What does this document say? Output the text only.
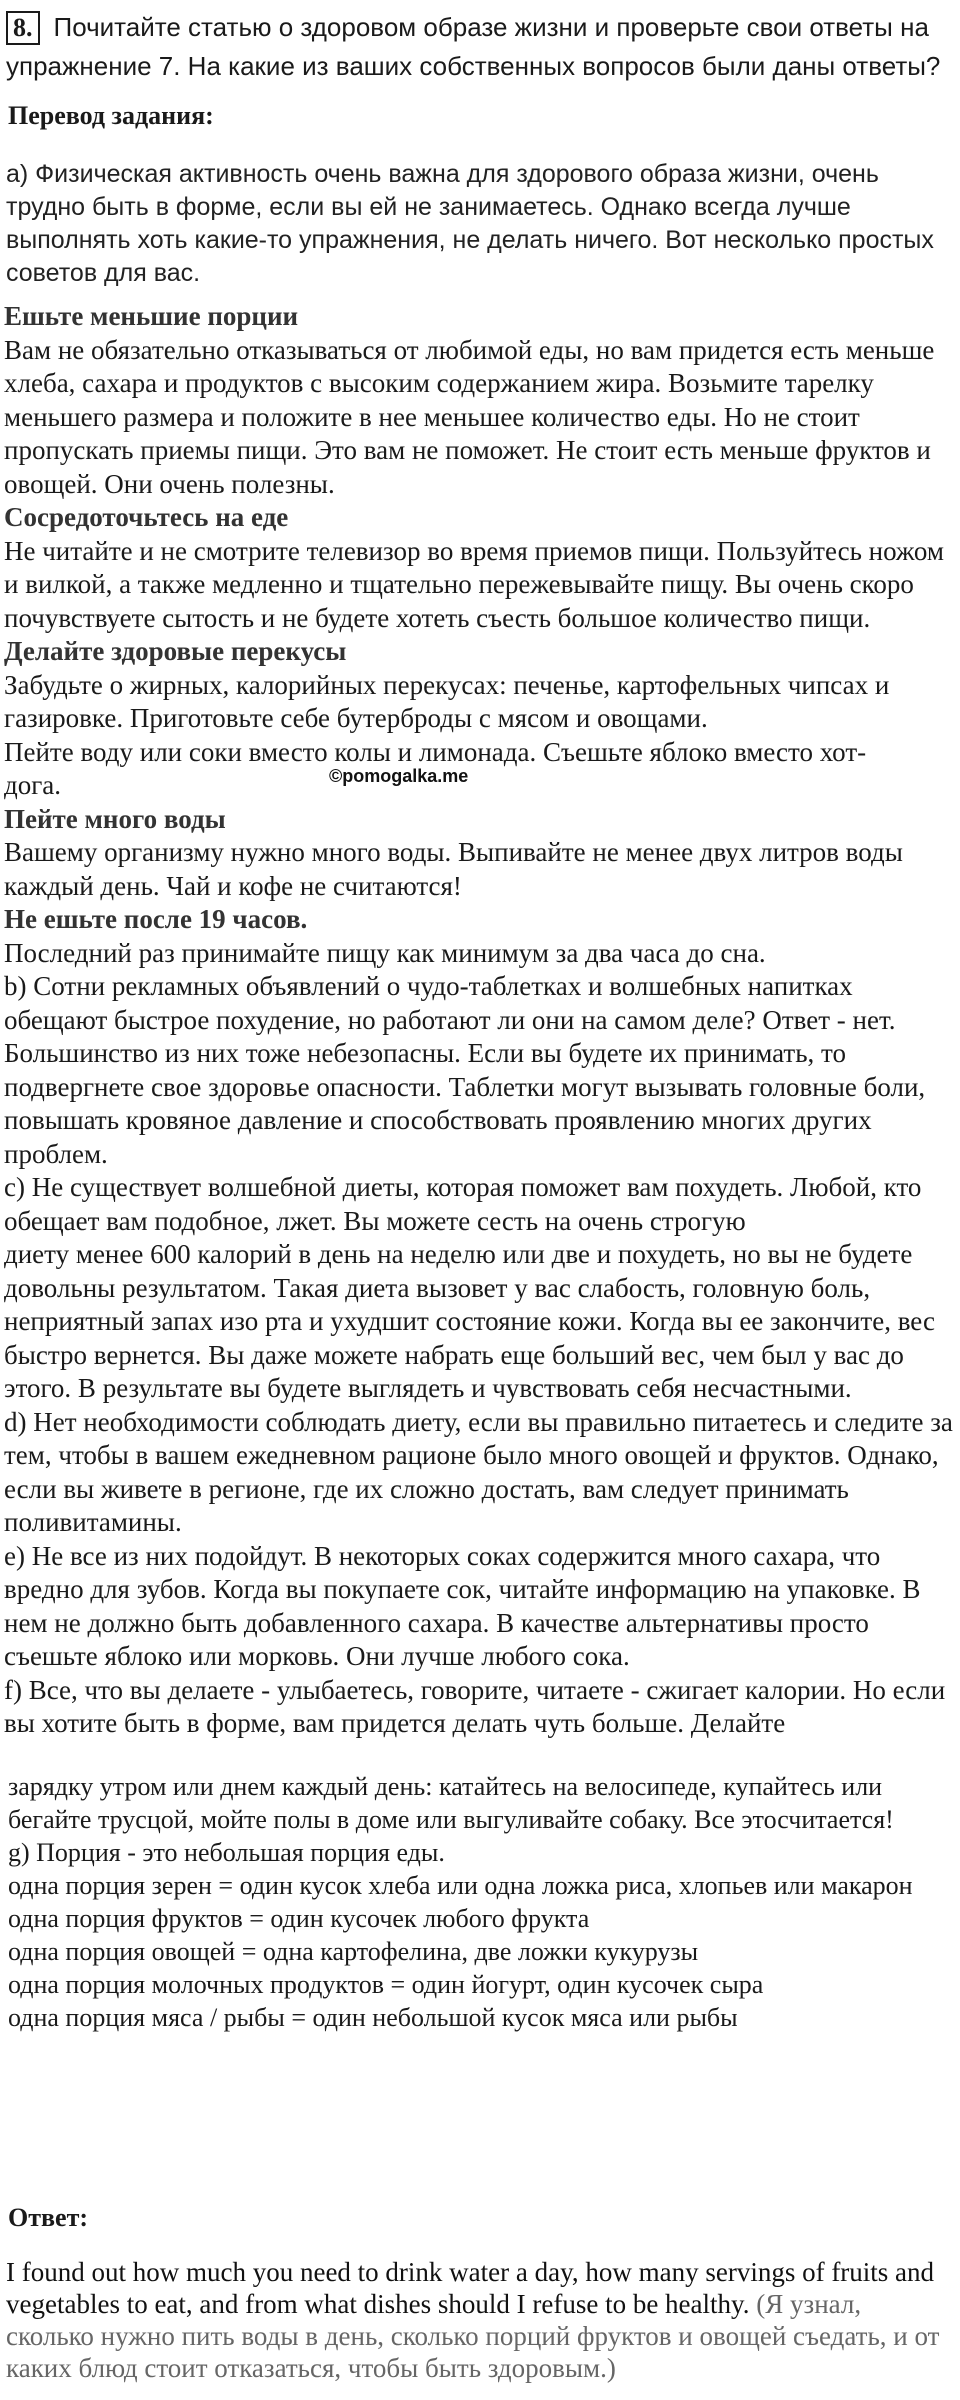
8. Почитайте статью о здоровом образе жизни и проверьте свои ответы на упражнение 7. На какие из ваших собственных вопросов были даны ответы?
Перевод задания:
а) Физическая активность очень важна для здорового образа жизни, очень трудно быть в форме, если вы ей не занимаетесь. Однако всегда лучше выполнять хоть какие-то упражнения, не делать ничего. Вот несколько простых советов для вас.

Ешьте меньшие порции

Вам не обязательно отказываться от любимой еды, но вам придется есть меньше хлеба, сахара и продуктов с высоким содержанием жира. Возьмите тарелку меньшего размера и положите в нее меньшее количество еды. Но не стоит пропускать приемы пищи. Это вам не поможет. Не стоит есть меньше фруктов и овощей. Они очень полезны.

Сосредоточьтесь на еде

Не читайте и не смотрите телевизор во время приемов пищи. Пользуйтесь ножом и вилкой, а также медленно и тщательно пережевывайте пищу. Вы очень скоро почувствуете сытость и не будете хотеть съесть большое количество пищи.

Делайте здоровые перекусы

Забудьте о жирных, калорийных перекусах: печенье, картофельных чипсах и газировке. Приготовьте себе бутерброды с мясом и овощами.

Пейте воду или соки вместо колы и лимонада. Съешьте яблоко вместо хот-

дога.	©pomogalka.me

Пейте много воды

Вашему организму нужно много воды. Выпивайте не менее двух литров воды каждый день. Чай и кофе не считаются!

Не ешьте после 19 часов.

Последний раз принимайте пищу как минимум за два часа до сна.

b) Сотни рекламных объявлений о чудо-таблетках и волшебных напитках обещают быстрое похудение, но работают ли они на самом деле? Ответ - нет. Большинство из них тоже небезопасны. Если вы будете их принимать, то подвергнете свое здоровье опасности. Таблетки могут вызывать головные боли, повышать кровяное давление и способствовать проявлению многих других проблем.

с) Не существует волшебной диеты, которая поможет вам похудеть. Любой, кто обещает вам подобное, лжет. Вы можете сесть на очень строгую

диету менее 600 калорий в день на неделю или две и похудеть, но вы не будете довольны результатом. Такая диета вызовет у вас слабость, головную боль, неприятный запах изо рта и ухудшит состояние кожи. Когда вы ее закончите, вес быстро вернется. Вы даже можете набрать еще больший вес, чем был у вас до этого. В результате вы будете выглядеть и чувствовать себя несчастными.

d) Нет необходимости соблюдать диету, если вы правильно питаетесь и следите за тем, чтобы в вашем ежедневном рационе было много овощей и фруктов. Однако, если вы живете в регионе, где их сложно достать, вам следует принимать поливитамины.

е) Не все из них подойдут. В некоторых соках содержится много сахара, что вредно для зубов. Когда вы покупаете сок, читайте информацию на упаковке. В нем не должно быть добавленного сахара. В качестве альтернативы просто съешьте яблоко или морковь. Они лучше любого сока.

f) Все, что вы делаете - улыбаетесь, говорите, читаете - сжигает калории. Но если вы хотите быть в форме, вам придется делать чуть больше. Делайте

зарядку утром или днем каждый день: катайтесь на велосипеде, купайтесь или бегайте трусцой, мойте полы в доме или выгуливайте собаку. Все этосчитается!

g) Порция - это небольшая порция еды.

одна порция зерен = один кусок хлеба или одна ложка риса, хлопьев или макарон

одна порция фруктов = один кусочек любого фрукта

одна порция овощей = одна картофелина, две ложки кукурузы

одна порция молочных продуктов = один йогурт, один кусочек сыра

одна порция мяса / рыбы = один небольшой кусок мяса или рыбы

Ответ:
I found out how much you need to drink water a day, how many servings of fruits and vegetables to eat, and from what dishes should I refuse to be healthy. (Я узнал, сколько нужно пить воды в день, сколько порций фруктов и овощей съедать, и от каких блюд стоит отказаться, чтобы быть здоровым.)
